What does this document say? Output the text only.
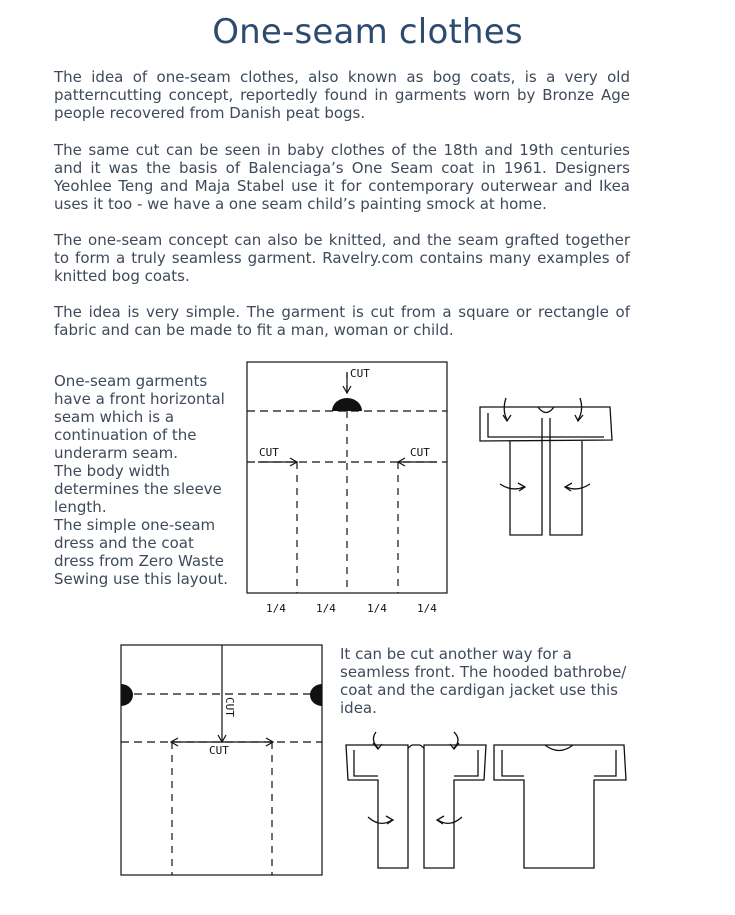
One-seam clothes

The idea of one-seam clothes, also known as bog coats, is a very old patterncutting concept, reportedly found in garments worn by Bronze Age people recovered from Danish peat bogs.

The same cut can be seen in baby clothes of the 18th and 19th centuries and it was the basis of Balenciaga’s One Seam coat in 1961. Designers Yeohlee Teng and Maja Stabel use it for contemporary outerwear and Ikea uses it too - we have a one seam child’s painting smock at home.

The one-seam concept can also be knitted, and the seam grafted together to form a truly seamless garment. Ravelry.com contains many examples of knitted bog coats.

The idea is very simple. The garment is cut from a square or rectangle of fabric and can be made to fit a man, woman or child.

One-seam garments
have a front horizontal
seam which is a
continuation of the
underarm seam.
The body width
determines the sleeve
length.
The simple one-seam
dress and the coat
dress from Zero Waste
Sewing use this layout.
It can be cut another way for a
seamless front. The hooded bathrobe/
coat and the cardigan jacket use this
idea.
CUT
CUT	CUT
1/4	1/4	1/4	1/4
CUT
CUT
